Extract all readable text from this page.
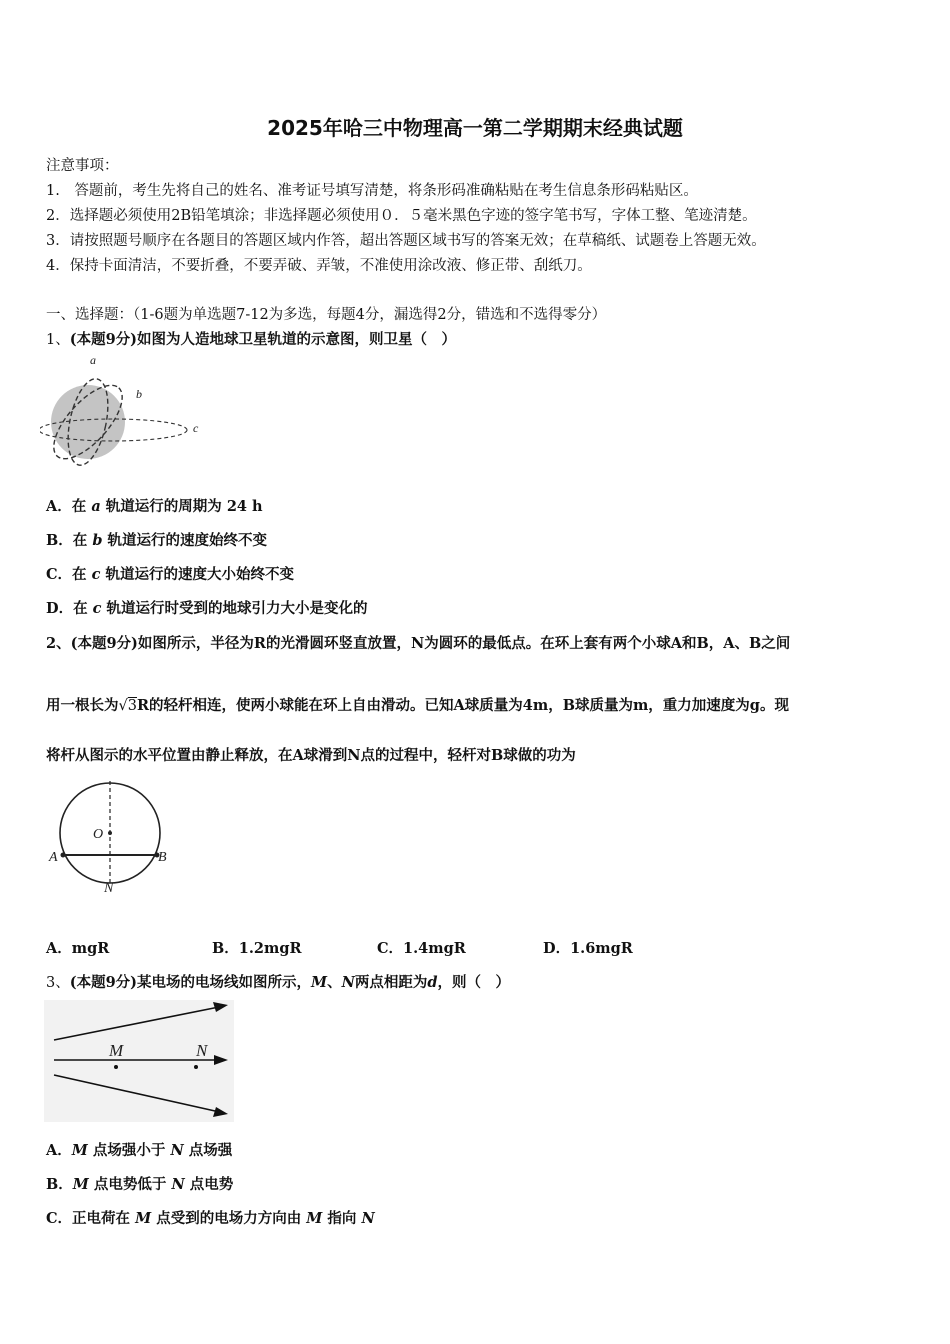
2025年哈三中物理高一第二学期期末经典试题
注意事项：
1.　答题前，考生先将自己的姓名、准考证号填写清楚，将条形码准确粘贴在考生信息条形码粘贴区。
2．选择题必须使用2B铅笔填涂；非选择题必须使用０．５毫米黑色字迹的签字笔书写，字体工整、笔迹清楚。
3．请按照题号顺序在各题目的答题区域内作答，超出答题区域书写的答案无效；在草稿纸、试题卷上答题无效。
4．保持卡面清洁，不要折叠，不要弄破、弄皱，不准使用涂改液、修正带、刮纸刀。
一、选择题：（1-6题为单选题7-12为多选，每题4分，漏选得2分，错选和不选得零分）
1、(本题9分)如图为人造地球卫星轨道的示意图，则卫星（　）
a
b
c
A．在 a 轨道运行的周期为 24 h
B．在 b 轨道运行的速度始终不变
C．在 c 轨道运行的速度大小始终不变
D．在 c 轨道运行时受到的地球引力大小是变化的
2、(本题9分)如图所示，半径为R的光滑圆环竖直放置，N为圆环的最低点。在环上套有两个小球A和B，A、B之间
用一根长为√3R的轻杆相连，使两小球能在环上自由滑动。已知A球质量为4m，B球质量为m，重力加速度为g。现
将杆从图示的水平位置由静止释放，在A球滑到N点的过程中，轻杆对B球做的功为
O
A	B
N
A．mgR	B．1.2mgR	C．1.4mgR	D．1.6mgR
3、(本题9分)某电场的电场线如图所示，M、N两点相距为d，则（　）
M	N
A．M 点场强小于 N 点场强
B．M 点电势低于 N 点电势
C．正电荷在 M 点受到的电场力方向由 M 指向 N
